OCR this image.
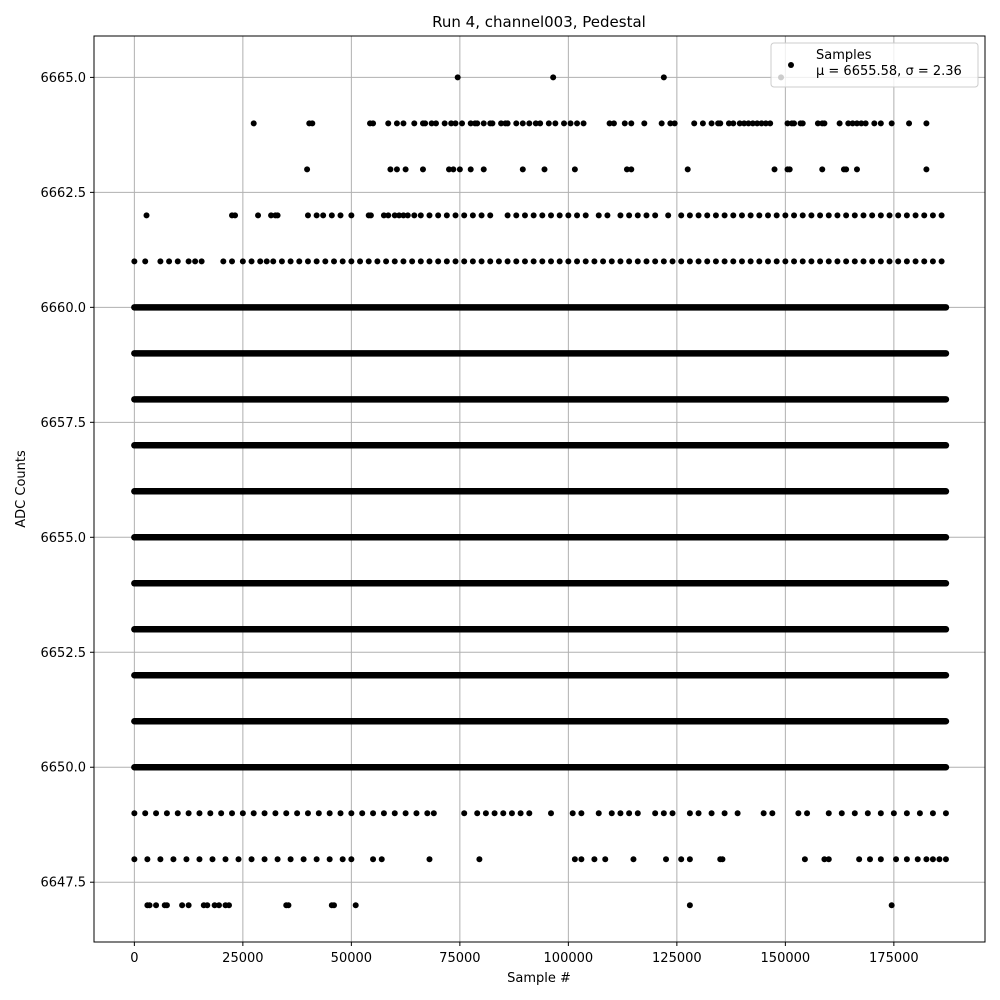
Run 4, channel003, Pedestal
0	25000	50000	75000	100000	125000	150000	175000
6647.5
6650.0
6652.5
6655.0
6657.5
6660.0
6662.5
6665.0
Sample #
ADC Counts
Samples
μ = 6655.58, σ = 2.36
